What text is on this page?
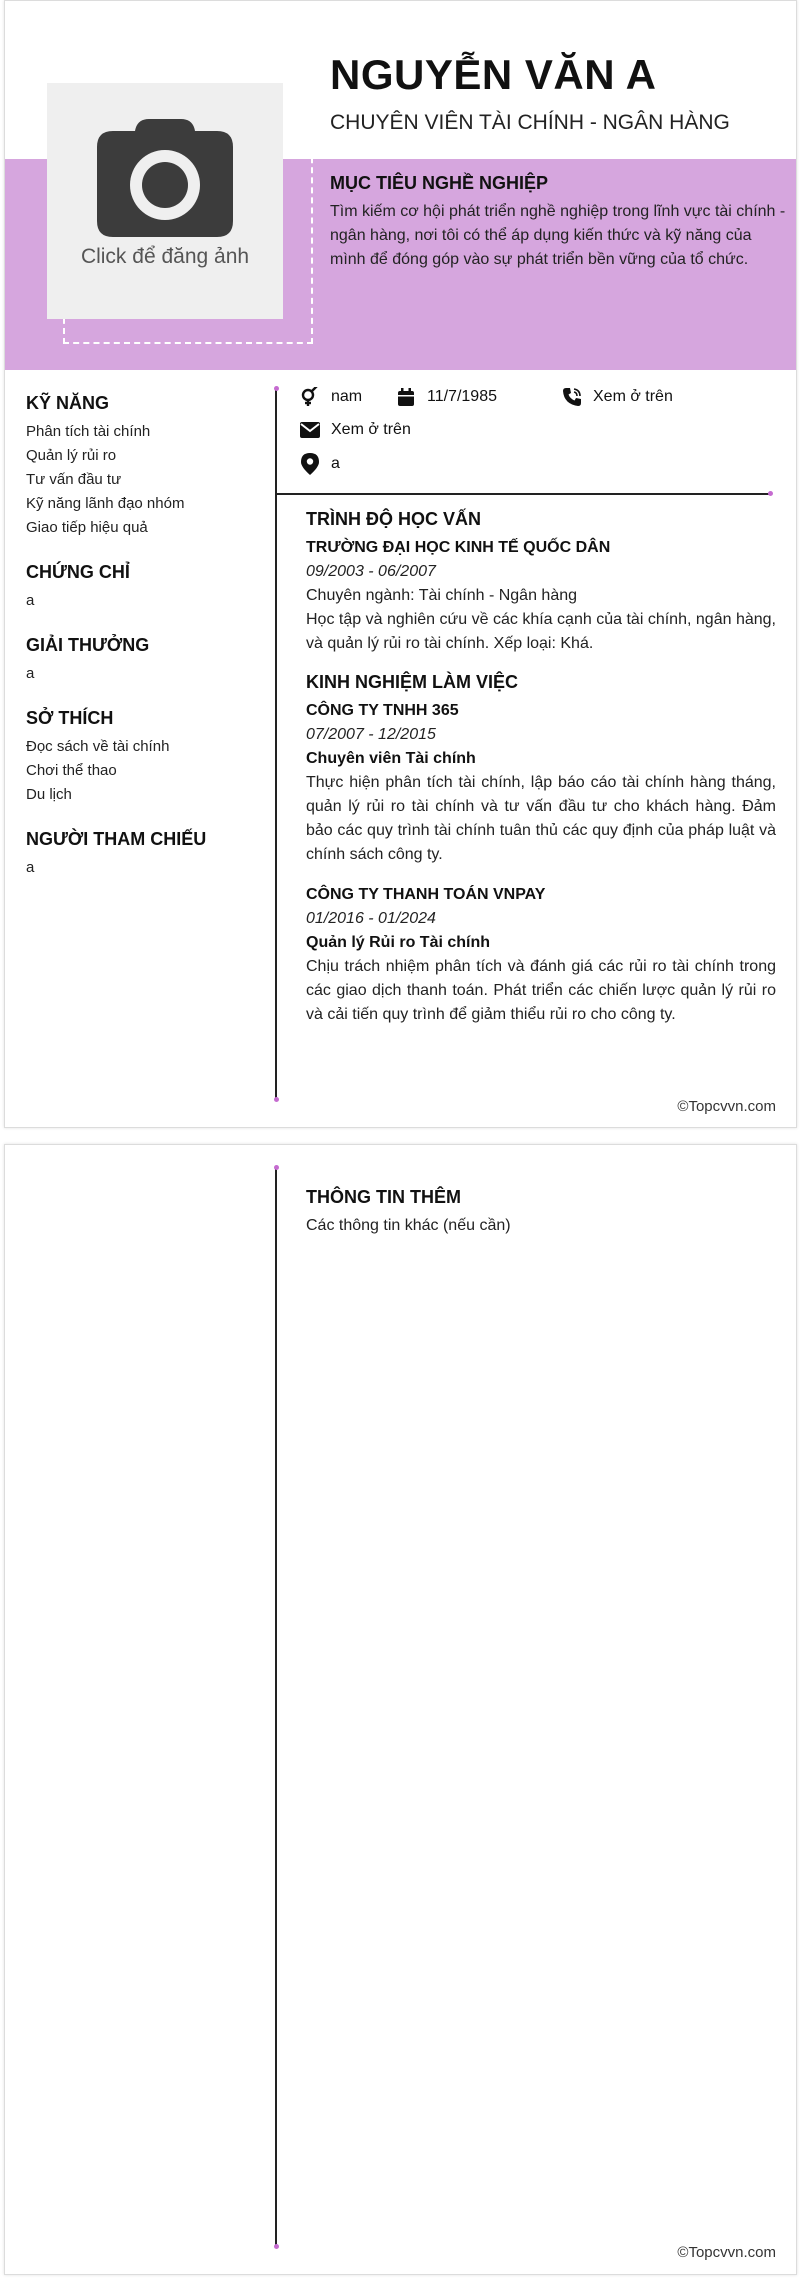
Click để đăng ảnh
NGUYỄN VĂN A
CHUYÊN VIÊN TÀI CHÍNH - NGÂN HÀNG
MỤC TIÊU NGHỀ NGHIỆP

Tìm kiếm cơ hội phát triển nghề nghiệp trong lĩnh vực tài chính - ngân hàng, nơi tôi có thể áp dụng kiến thức và kỹ năng của mình để đóng góp vào sự phát triển bền vững của tổ chức.

KỸ NĂNG
Phân tích tài chính
Quản lý rủi ro
Tư vấn đầu tư
Kỹ năng lãnh đạo nhóm
Giao tiếp hiệu quả
CHỨNG CHỈ
a
GIẢI THƯỞNG
a
SỞ THÍCH
Đọc sách về tài chính
Chơi thể thao
Du lịch
NGƯỜI THAM CHIẾU
a
nam	11/7/1985	Xem ở trên
Xem ở trên
a
TRÌNH ĐỘ HỌC VẤN
TRƯỜNG ĐẠI HỌC KINH TẾ QUỐC DÂN
09/2003 - 06/2007
Chuyên ngành: Tài chính - Ngân hàng
Học tập và nghiên cứu về các khía cạnh của tài chính, ngân hàng, và quản lý rủi ro tài chính. Xếp loại: Khá.
KINH NGHIỆM LÀM VIỆC
CÔNG TY TNHH 365
07/2007 - 12/2015
Chuyên viên Tài chính
Thực hiện phân tích tài chính, lập báo cáo tài chính hàng tháng, quản lý rủi ro tài chính và tư vấn đầu tư cho khách hàng. Đảm bảo các quy trình tài chính tuân thủ các quy định của pháp luật và chính sách công ty.
CÔNG TY THANH TOÁN VNPAY
01/2016 - 01/2024
Quản lý Rủi ro Tài chính
Chịu trách nhiệm phân tích và đánh giá các rủi ro tài chính trong các giao dịch thanh toán. Phát triển các chiến lược quản lý rủi ro và cải tiến quy trình để giảm thiểu rủi ro cho công ty.
©Topcvvn.com
THÔNG TIN THÊM
Các thông tin khác (nếu cần)
©Topcvvn.com
